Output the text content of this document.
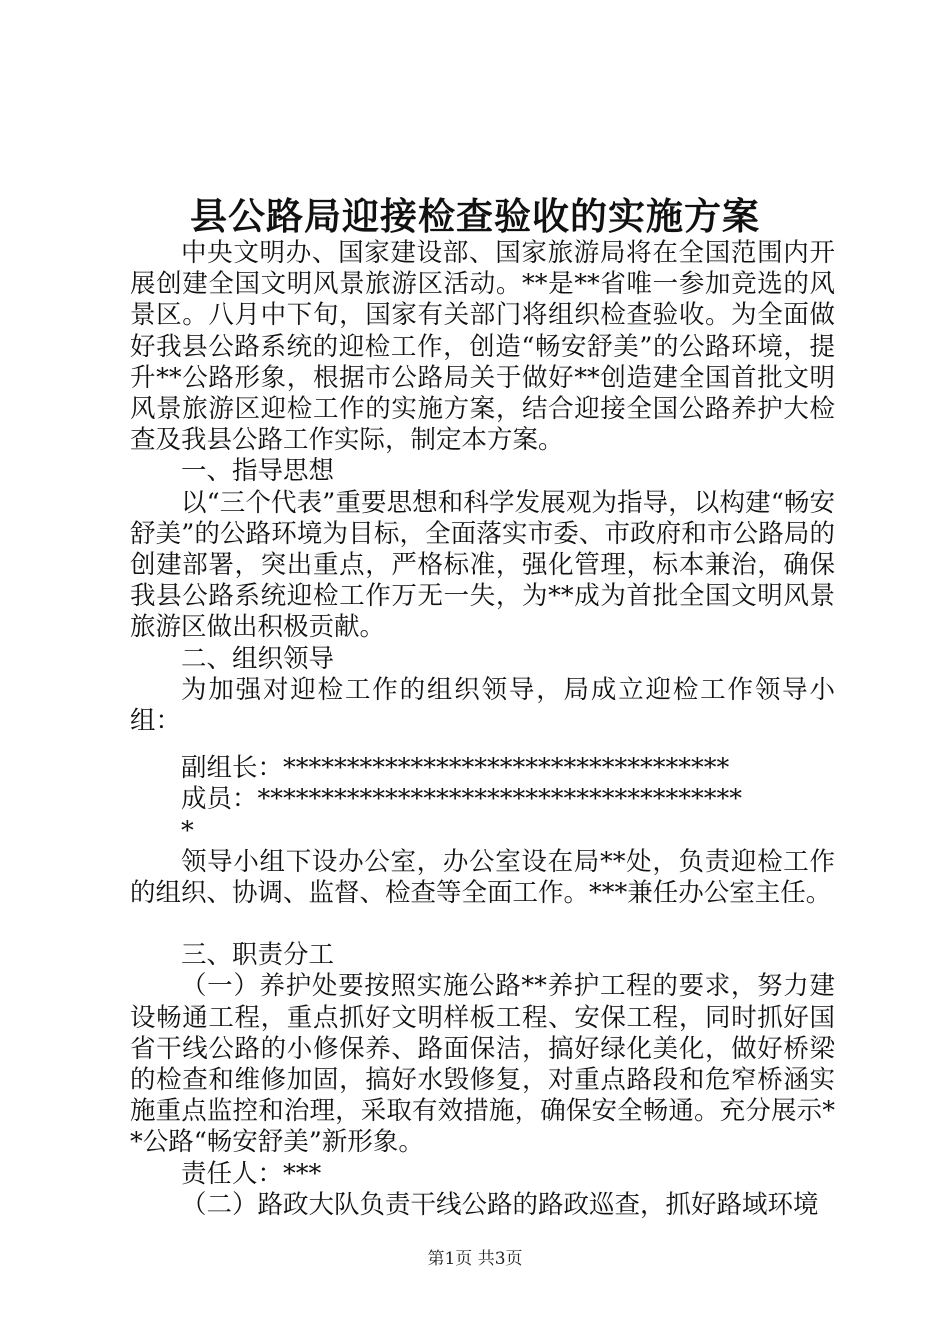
县公路局迎接检查验收的实施方案

中央文明办、国家建设部、国家旅游局将在全国范围内开展创建全国文明风景旅游区活动。**是**省唯一参加竞选的风景区。八月中下旬，国家有关部门将组织检查验收。为全面做好我县公路系统的迎检工作，创造“畅安舒美”的公路环境，提升**公路形象，根据市公路局关于做好**创造建全国首批文明风景旅游区迎检工作的实施方案，结合迎接全国公路养护大检查及我县公路工作实际，制定本方案。

一、指导思想

以“三个代表”重要思想和科学发展观为指导，以构建“畅安舒美”的公路环境为目标，全面落实市委、市政府和市公路局的创建部署，突出重点，严格标准，强化管理，标本兼治，确保我县公路系统迎检工作万无一失，为**成为首批全国文明风景旅游区做出积极贡献。

二、组织领导

为加强对迎检工作的组织领导，局成立迎检工作领导小组：

副组长：***********************************

成员：**************************************

*

领导小组下设办公室，办公室设在局**处，负责迎检工作的组织、协调、监督、检查等全面工作。***兼任办公室主任。

三、职责分工

（一）养护处要按照实施公路**养护工程的要求，努力建设畅通工程，重点抓好文明样板工程、安保工程，同时抓好国省干线公路的小修保养、路面保洁，搞好绿化美化，做好桥梁的检查和维修加固，搞好水毁修复，对重点路段和危窄桥涵实施重点监控和治理，采取有效措施，确保安全畅通。充分展示**公路“畅安舒美”新形象。

责任人：***

（二）路政大队负责干线公路的路政巡查，抓好路域环境

第1页 共3页
